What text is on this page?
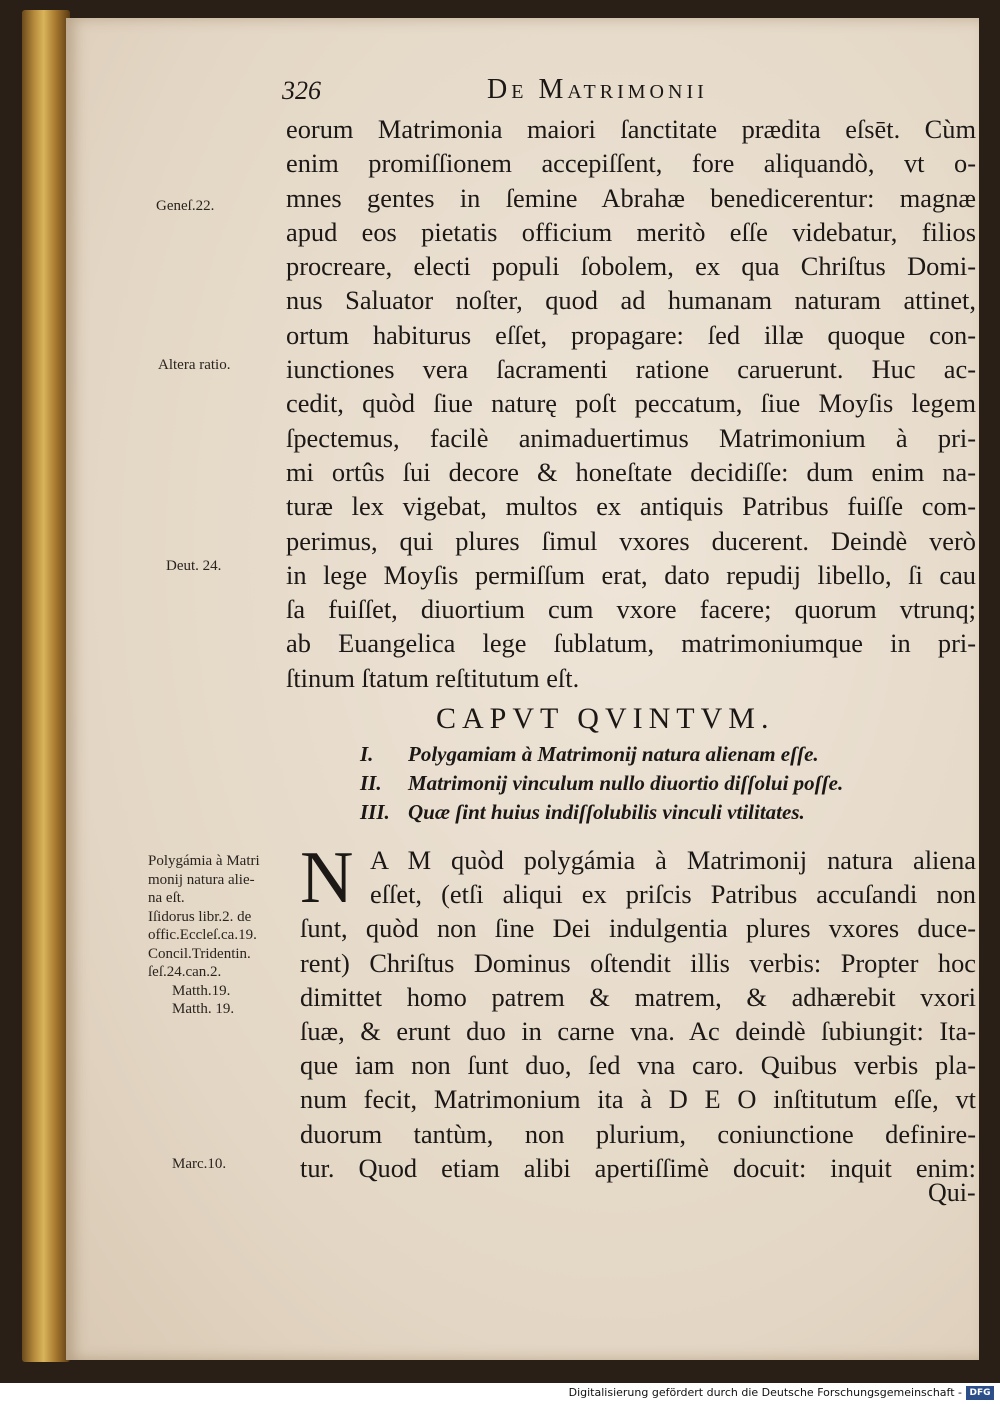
326	De Matrimonii
eorum Matrimonia maiori ſanctitate prædita eſsēt. Cùm
enim promiſſionem accepiſſent, fore aliquandò, vt o-
mnes gentes in ſemine Abrahæ benedicerentur: magnæ
apud eos pietatis officium meritò eſſe videbatur, filios
procreare, electi populi ſobolem, ex qua Chriſtus Domi-
nus Saluator noſter, quod ad humanam naturam attinet,
ortum habiturus eſſet, propagare: ſed illæ quoque con-
iunctiones vera ſacramenti ratione caruerunt. Huc ac-
cedit, quòd ſiue naturę poſt peccatum, ſiue Moyſis legem
ſpectemus, facilè animaduertimus Matrimonium à pri-
mi ortûs ſui decore & honeſtate decidiſſe: dum enim na-
turæ lex vigebat, multos ex antiquis Patribus fuiſſe com-
perimus, qui plures ſimul vxores ducerent. Deindè verò
in lege Moyſis permiſſum erat, dato repudij libello, ſi cau
ſa fuiſſet, diuortium cum vxore facere; quorum vtrunq;
ab Euangelica lege ſublatum, matrimoniumque in pri-
ſtinum ſtatum reſtitutum eſt.
Geneſ.22.
Altera ratio.
Deut. 24.
CAPVT QVINTVM.
I. Polygamiam à Matrimonij natura alienam eſſe.
II. Matrimonij vinculum nullo diuortio diſſolui poſſe.
III. Quæ ſint huius indiſſolubilis vinculi vtilitates.
Polygámia à Matri
monij natura alie-
na eſt.
Iſidorus libr.2. de
offic.Eccleſ.ca.19.
Concil.Tridentin.
ſeſ.24.can.2.
Matth.19.
Matth. 19.
N A M quòd polygámia à Matrimonij natura aliena
eſſet, (etſi aliqui ex priſcis Patribus accuſandi non
ſunt, quòd non ſine Dei indulgentia plures vxores duce-
rent) Chriſtus Dominus oſtendit illis verbis: Propter hoc
dimittet homo patrem & matrem, & adhærebit vxori
ſuæ, & erunt duo in carne vna. Ac deindè ſubiungit: Ita-
que iam non ſunt duo, ſed vna caro. Quibus verbis pla-
num fecit, Matrimonium ita à D E O inſtitutum eſſe, vt
duorum tantùm, non plurium, coniunctione definire-
tur. Quod etiam alibi apertiſſimè docuit: inquit enim:
Marc.10.
Qui-
Digitalisierung gefördert durch die Deutsche Forschungsgemeinschaft - DFG
